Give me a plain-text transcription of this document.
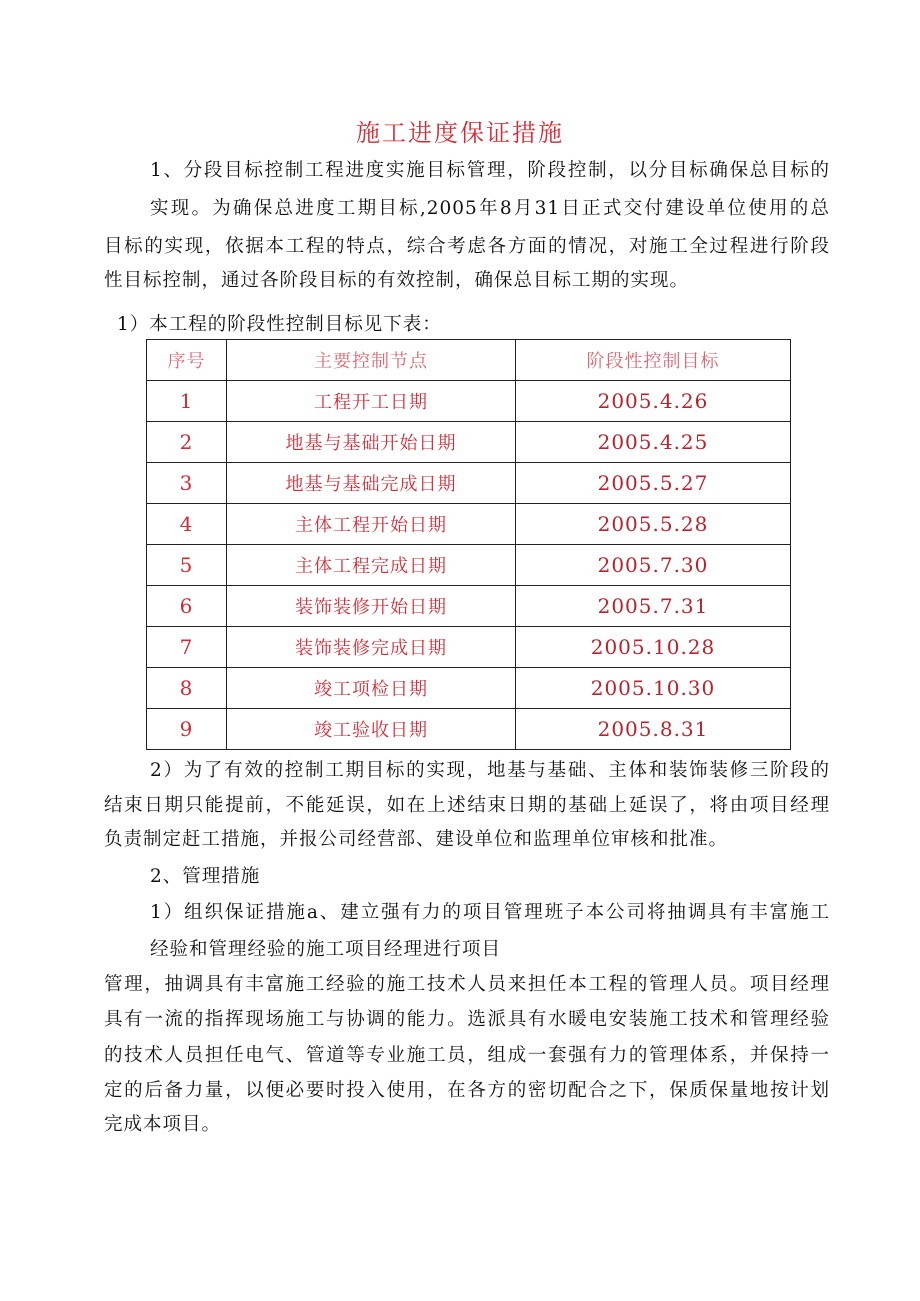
施工进度保证措施
1、分段目标控制工程进度实施目标管理，阶段控制，以分目标确保总目标的
实现。为确保总进度工期目标,2005年8月31日正式交付建设单位使用的总
目标的实现，依据本工程的特点，综合考虑各方面的情况，对施工全过程进行阶段
性目标控制，通过各阶段目标的有效控制，确保总目标工期的实现。
1）本工程的阶段性控制目标见下表：
序号	主要控制节点	阶段性控制目标
1	工程开工日期	2005.4.26
2	地基与基础开始日期	2005.4.25
3	地基与基础完成日期	2005.5.27
4	主体工程开始日期	2005.5.28
5	主体工程完成日期	2005.7.30
6	装饰装修开始日期	2005.7.31
7	装饰装修完成日期	2005.10.28
8	竣工项检日期	2005.10.30
9	竣工验收日期	2005.8.31
2）为了有效的控制工期目标的实现，地基与基础、主体和装饰装修三阶段的
结束日期只能提前，不能延误，如在上述结束日期的基础上延误了，将由项目经理
负责制定赶工措施，并报公司经营部、建设单位和监理单位审核和批准。
2、管理措施
1）组织保证措施a、建立强有力的项目管理班子本公司将抽调具有丰富施工
经验和管理经验的施工项目经理进行项目
管理，抽调具有丰富施工经验的施工技术人员来担任本工程的管理人员。项目经理
具有一流的指挥现场施工与协调的能力。选派具有水暖电安装施工技术和管理经验
的技术人员担任电气、管道等专业施工员，组成一套强有力的管理体系，并保持一
定的后备力量，以便必要时投入使用，在各方的密切配合之下，保质保量地按计划
完成本项目。
